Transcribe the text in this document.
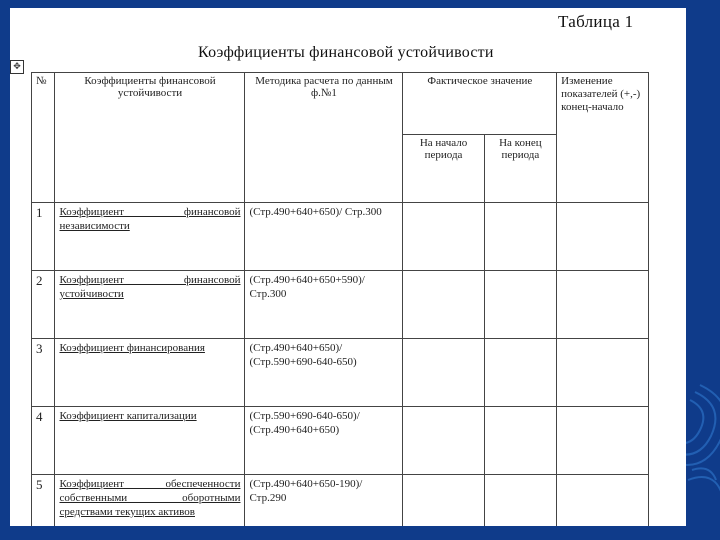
Таблица 1
Коэффициенты финансовой устойчивости
✥
№	Коэффициенты финансовой устойчивости	Методика расчета по данным ф.№1	Фактическое значение		Изменение показателей (+,-) конец-начало
			На начало периода	На конец периода	
1	Коэффициент финансовой независимости	(Стр.490+640+650)/ Стр.300			
2	Коэффициент финансовой устойчивости	(Стр.490+640+650+590)/ Стр.300			
3	Коэффициент финансирования	(Стр.490+640+650)/ (Стр.590+690-640-650)			
4	Коэффициент капитализации	(Стр.590+690-640-650)/ (Стр.490+640+650)			
5	Коэффициент обеспеченности собственными оборотными средствами текущих активов	(Стр.490+640+650-190)/ Стр.290			
